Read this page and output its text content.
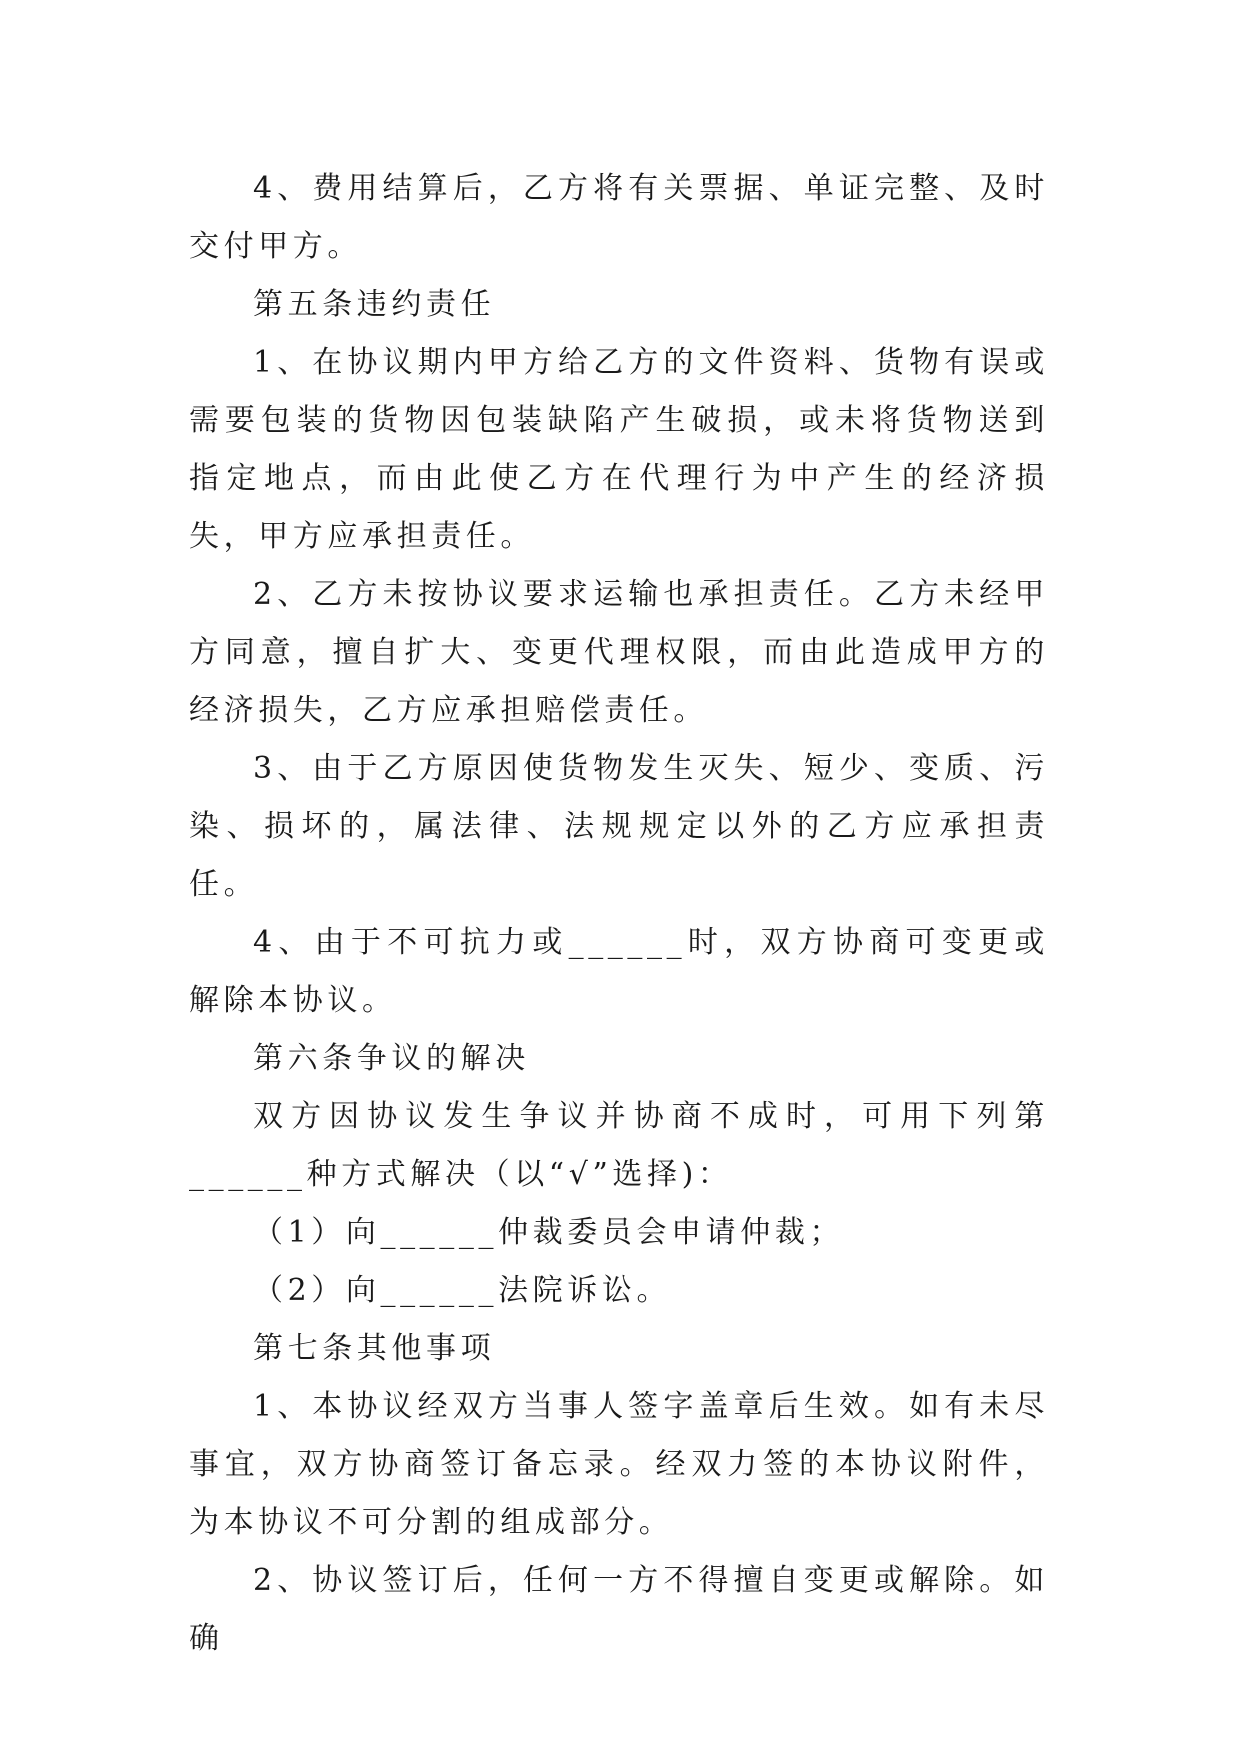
4、费用结算后，乙方将有关票据、单证完整、及时交付甲方。

第五条违约责任

1、在协议期内甲方给乙方的文件资料、货物有误或需要包装的货物因包装缺陷产生破损，或未将货物送到指定地点，而由此使乙方在代理行为中产生的经济损失，甲方应承担责任。

2、乙方未按协议要求运输也承担责任。乙方未经甲方同意，擅自扩大、变更代理权限，而由此造成甲方的经济损失，乙方应承担赔偿责任。

3、由于乙方原因使货物发生灭失、短少、变质、污染、损坏的，属法律、法规规定以外的乙方应承担责任。

4、由于不可抗力或______时，双方协商可变更或解除本协议。

第六条争议的解决

双方因协议发生争议并协商不成时，可用下列第______种方式解决（以“√”选择)：

（1）向______仲裁委员会申请仲裁；

（2）向______法院诉讼。

第七条其他事项

1、本协议经双方当事人签字盖章后生效。如有未尽事宜，双方协商签订备忘录。经双力签的本协议附件，为本协议不可分割的组成部分。

2、协议签订后，任何一方不得擅自变更或解除。如确
